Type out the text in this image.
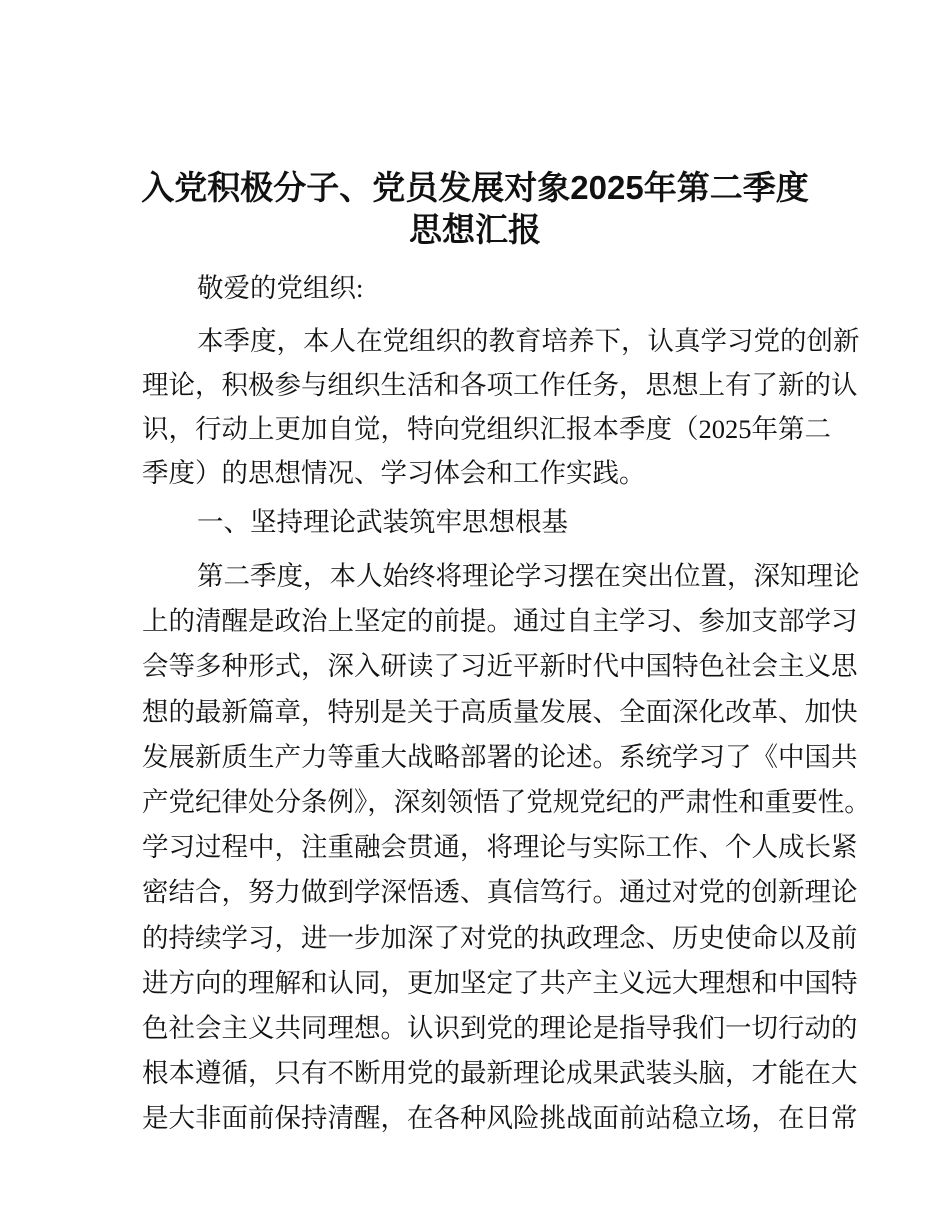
入党积极分子、党员发展对象2025年第二季度
思想汇报
敬爱的党组织:
本季度，本人在党组织的教育培养下，认真学习党的创新
理论，积极参与组织生活和各项工作任务，思想上有了新的认
识，行动上更加自觉，特向党组织汇报本季度（2025年第二
季度）的思想情况、学习体会和工作实践。
一、坚持理论武装筑牢思想根基
第二季度，本人始终将理论学习摆在突出位置，深知理论
上的清醒是政治上坚定的前提。通过自主学习、参加支部学习
会等多种形式，深入研读了习近平新时代中国特色社会主义思
想的最新篇章，特别是关于高质量发展、全面深化改革、加快
发展新质生产力等重大战略部署的论述。系统学习了《中国共
产党纪律处分条例》，深刻领悟了党规党纪的严肃性和重要性。
学习过程中，注重融会贯通，将理论与实际工作、个人成长紧
密结合，努力做到学深悟透、真信笃行。通过对党的创新理论
的持续学习，进一步加深了对党的执政理念、历史使命以及前
进方向的理解和认同，更加坚定了共产主义远大理想和中国特
色社会主义共同理想。认识到党的理论是指导我们一切行动的
根本遵循，只有不断用党的最新理论成果武装头脑，才能在大
是大非面前保持清醒，在各种风险挑战面前站稳立场，在日常
